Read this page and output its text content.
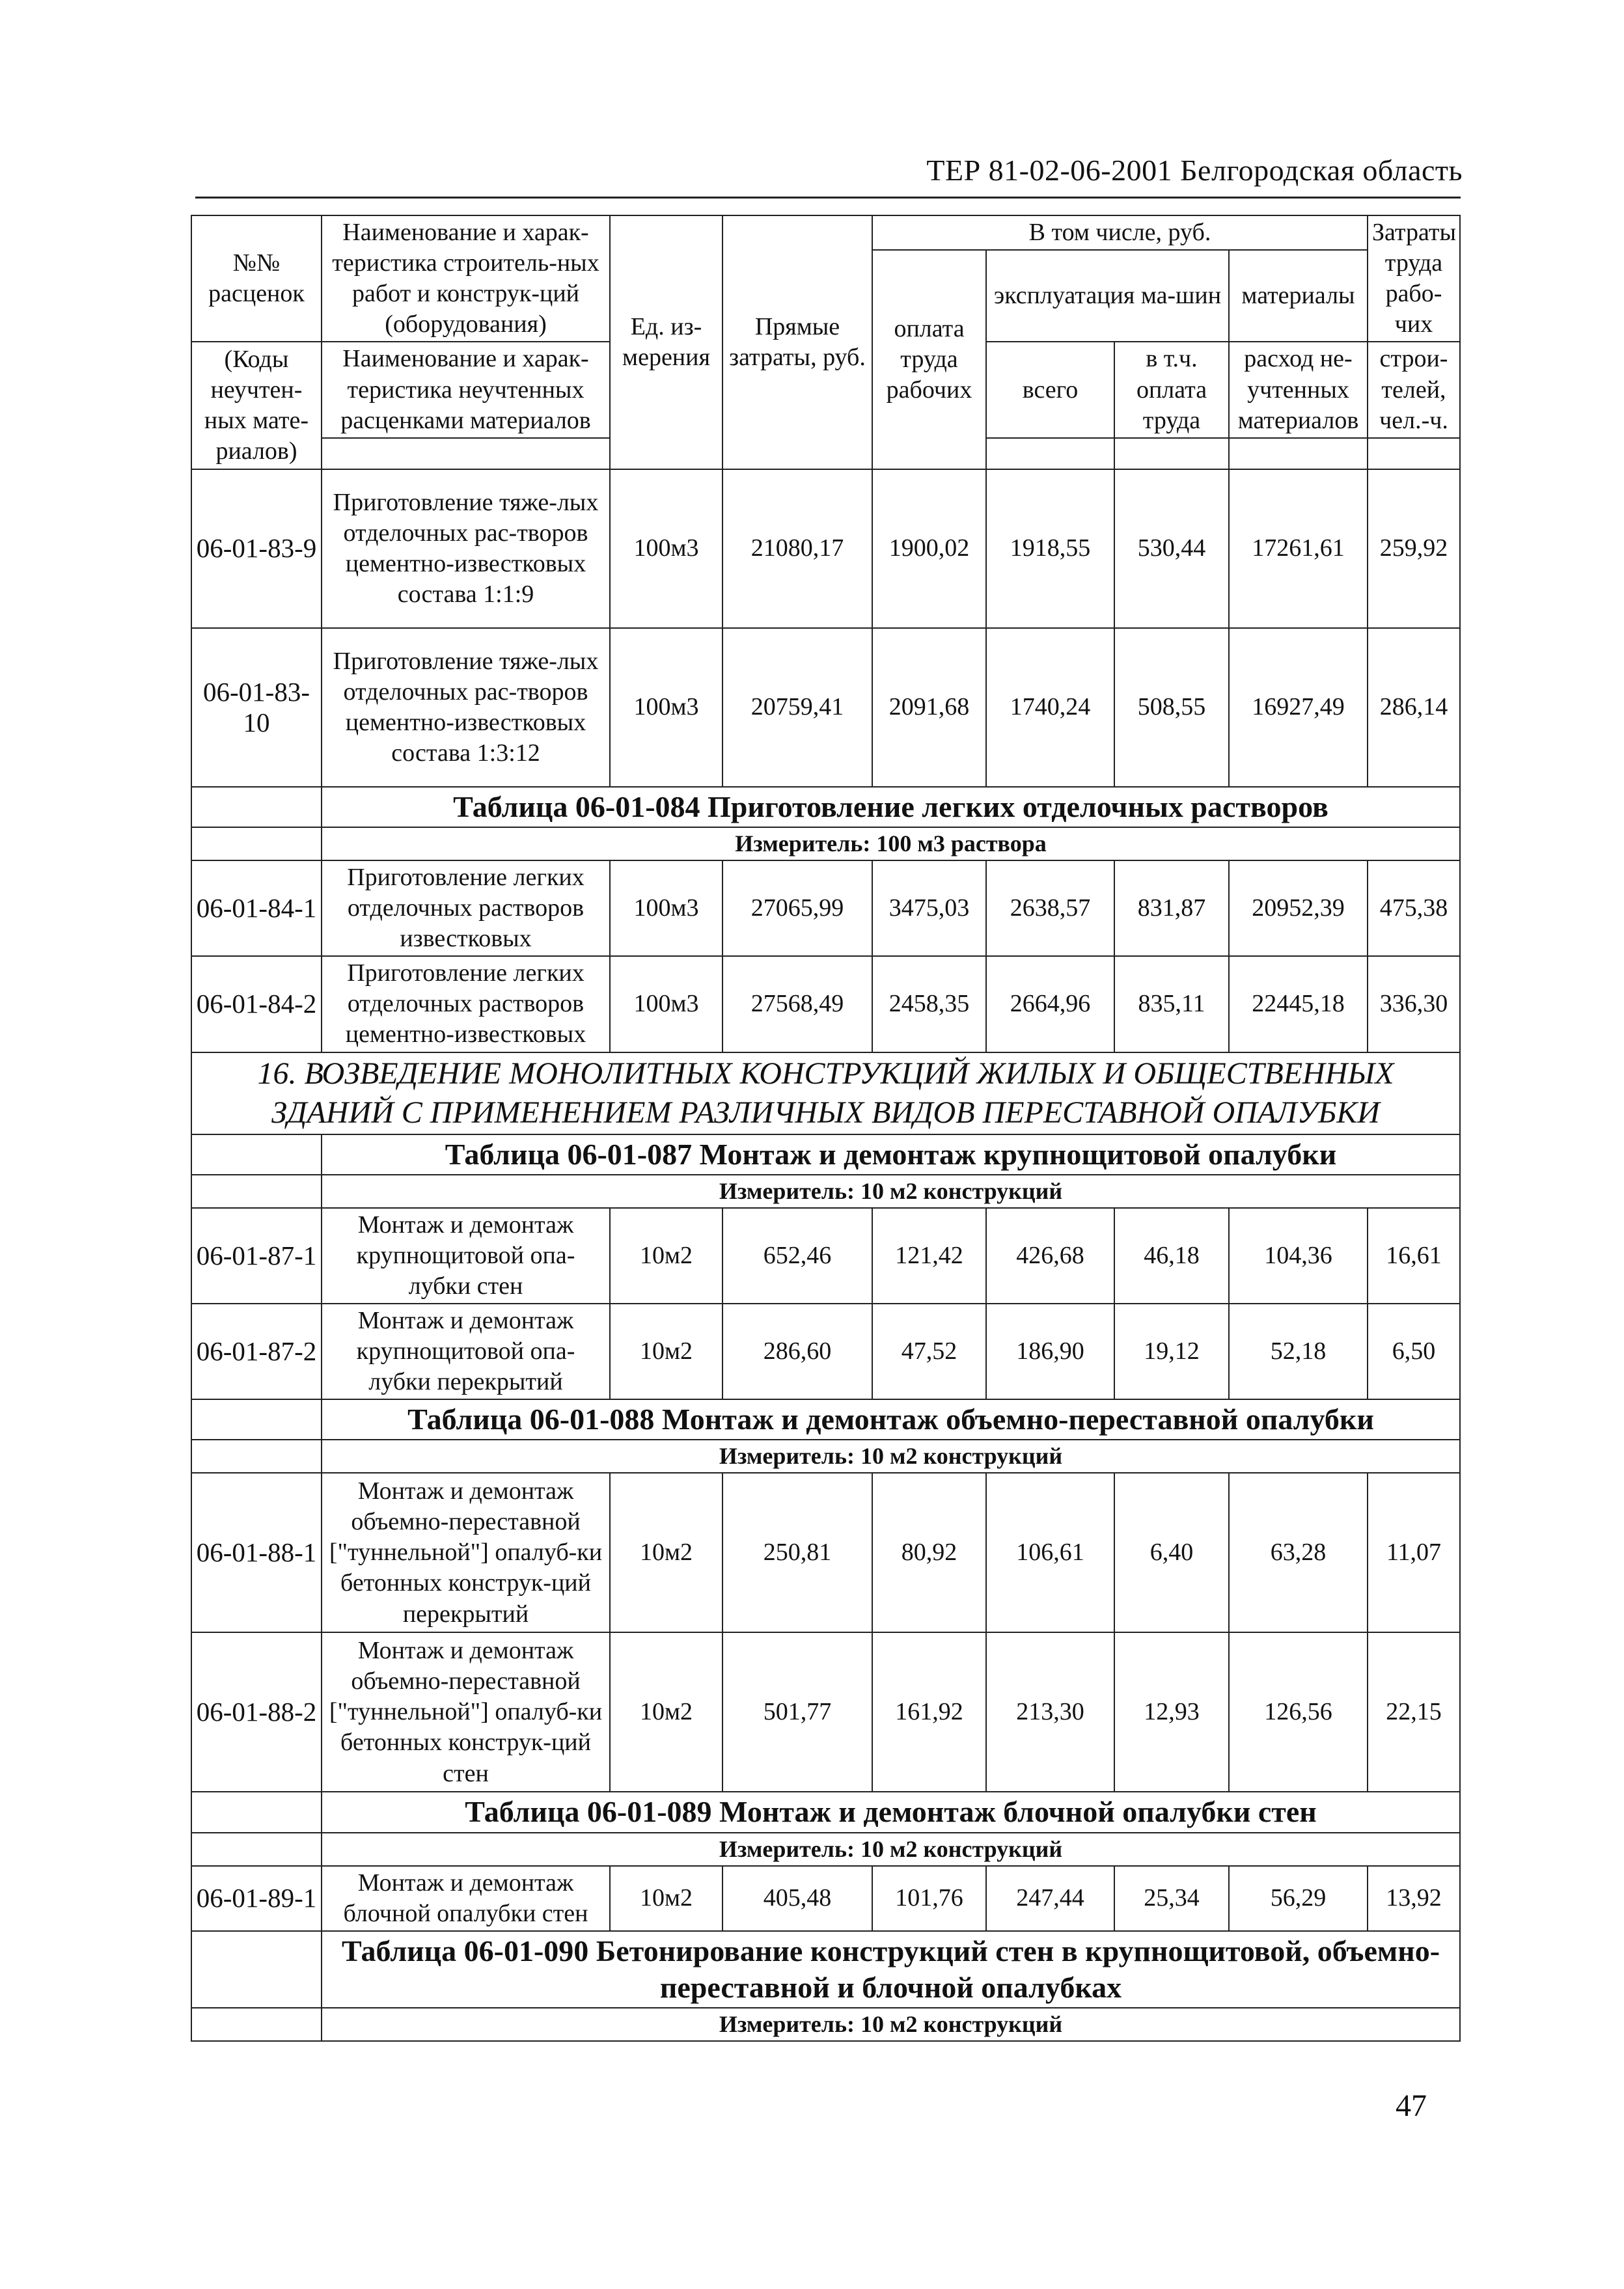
ТЕР 81-02-06-2001 Белгородская область
№№ расценок	Наименование и харак-теристика строитель-ных работ и конструк-ций (оборудования)	Ед. из-мерения	Прямые затраты, руб.	В том числе, руб.				Затраты труда рабо-чих	
				оплата труда рабочих	эксплуатация ма-шин		материалы		
(Коды неучтен-ных мате-риалов)	Наименование и харак-теристика неучтенных расценками материалов				всего	в т.ч. оплата труда	расход не-учтенных материалов	строи-телей, чел.-ч.	

06-01-83-9	Приготовление тяже-лых отделочных рас-творов цементно-известковых состава 1:1:9	100м3	21080,17	1900,02	1918,55	530,44	17261,61	259,92	
06-01-83-10	Приготовление тяже-лых отделочных рас-творов цементно-известковых состава 1:3:12	100м3	20759,41	2091,68	1740,24	508,55	16927,49	286,14	
	Таблица 06-01-084 Приготовление легких отделочных растворов								
	Измеритель: 100 м3 раствора								
06-01-84-1	Приготовление легких отделочных растворов известковых	100м3	27065,99	3475,03	2638,57	831,87	20952,39	475,38	
06-01-84-2	Приготовление легких отделочных растворов цементно-известковых	100м3	27568,49	2458,35	2664,96	835,11	22445,18	336,30	

16. ВОЗВЕДЕНИЕ МОНОЛИТНЫХ КОНСТРУКЦИЙ ЖИЛЫХ И ОБЩЕСТВЕННЫХ
ЗДАНИЙ С ПРИМЕНЕНИЕМ РАЗЛИЧНЫХ ВИДОВ ПЕРЕСТАВНОЙ ОПАЛУБКИ									

	Таблица 06-01-087 Монтаж и демонтаж крупнощитовой опалубки								
	Измеритель: 10 м2 конструкций								
06-01-87-1	Монтаж и демонтаж крупнощитовой опа-лубки стен	10м2	652,46	121,42	426,68	46,18	104,36	16,61	
06-01-87-2	Монтаж и демонтаж крупнощитовой опа-лубки перекрытий	10м2	286,60	47,52	186,90	19,12	52,18	6,50	
	Таблица 06-01-088 Монтаж и демонтаж объемно-переставной опалубки								
	Измеритель: 10 м2 конструкций								
06-01-88-1	Монтаж и демонтаж объемно-переставной ["туннельной"] опалуб-ки бетонных конструк-ций перекрытий	10м2	250,81	80,92	106,61	6,40	63,28	11,07	
06-01-88-2	Монтаж и демонтаж объемно-переставной ["туннельной"] опалуб-ки бетонных конструк-ций стен	10м2	501,77	161,92	213,30	12,93	126,56	22,15	
	Таблица 06-01-089 Монтаж и демонтаж блочной опалубки стен								
	Измеритель: 10 м2 конструкций								
06-01-89-1	Монтаж и демонтаж блочной опалубки стен	10м2	405,48	101,76	247,44	25,34	56,29	13,92	
	Таблица 06-01-090 Бетонирование конструкций стен в крупнощитовой, объемно-переставной и блочной опалубках								
	Измеритель: 10 м2 конструкций								
47
